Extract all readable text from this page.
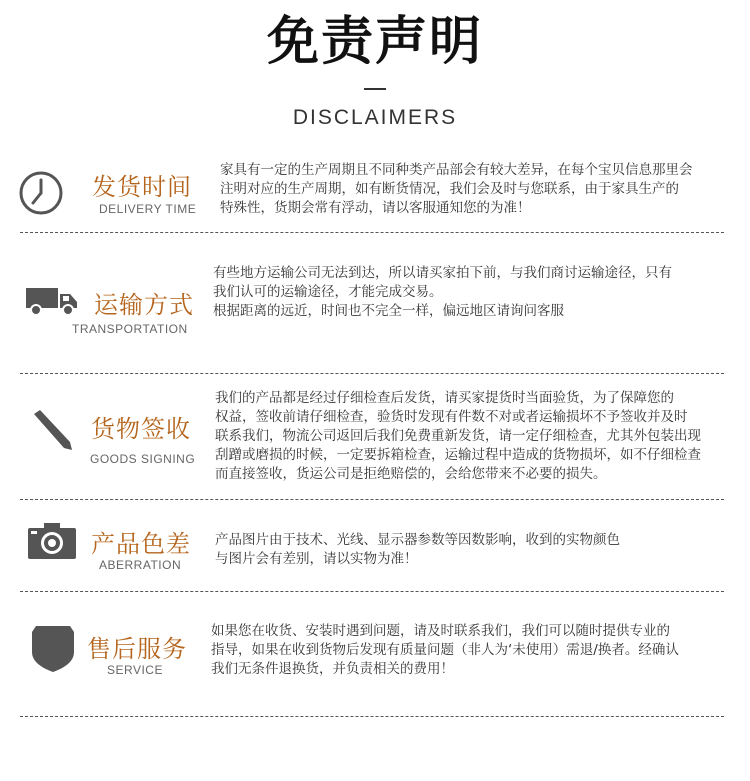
免责声明
DISCLAIMERS
发货时间
DELIVERY TIME
家具有一定的生产周期且不同种类产品部会有较大差异，在每个宝贝信息那里会
注明对应的生产周期，如有断货情况，我们会及时与您联系，由于家具生产的
特殊性，货期会常有浮动，请以客服通知您的为准！
运输方式
TRANSPORTATION
有些地方运输公司无法到达，所以请买家拍下前，与我们商讨运输途径，只有
我们认可的运输途径，才能完成交易。
根据距离的远近，时间也不完全一样，偏远地区请询问客服
货物签收
GOODS SIGNING
我们的产品都是经过仔细检查后发货，请买家提货时当面验货，为了保障您的
权益，签收前请仔细检查，验货时发现有件数不对或者运输损坏不予签收并及时
联系我们，物流公司返回后我们免费重新发货，请一定仔细检查，尤其外包装出现
刮蹭或磨损的时候，一定要拆箱检查，运输过程中造成的货物损坏，如不仔细检查
而直接签收，货运公司是拒绝赔偿的，会给您带来不必要的损失。
产品色差
ABERRATION
产品图片由于技术、光线、显示器参数等因数影响，收到的实物颜色
与图片会有差别，请以实物为准！
售后服务
SERVICE
如果您在收货、安装时遇到问题，请及时联系我们，我们可以随时提供专业的
指导，如果在收到货物后发现有质量问题（非人为‘未使用）需退/换者。经确认
我们无条件退换货，并负责相关的费用！
